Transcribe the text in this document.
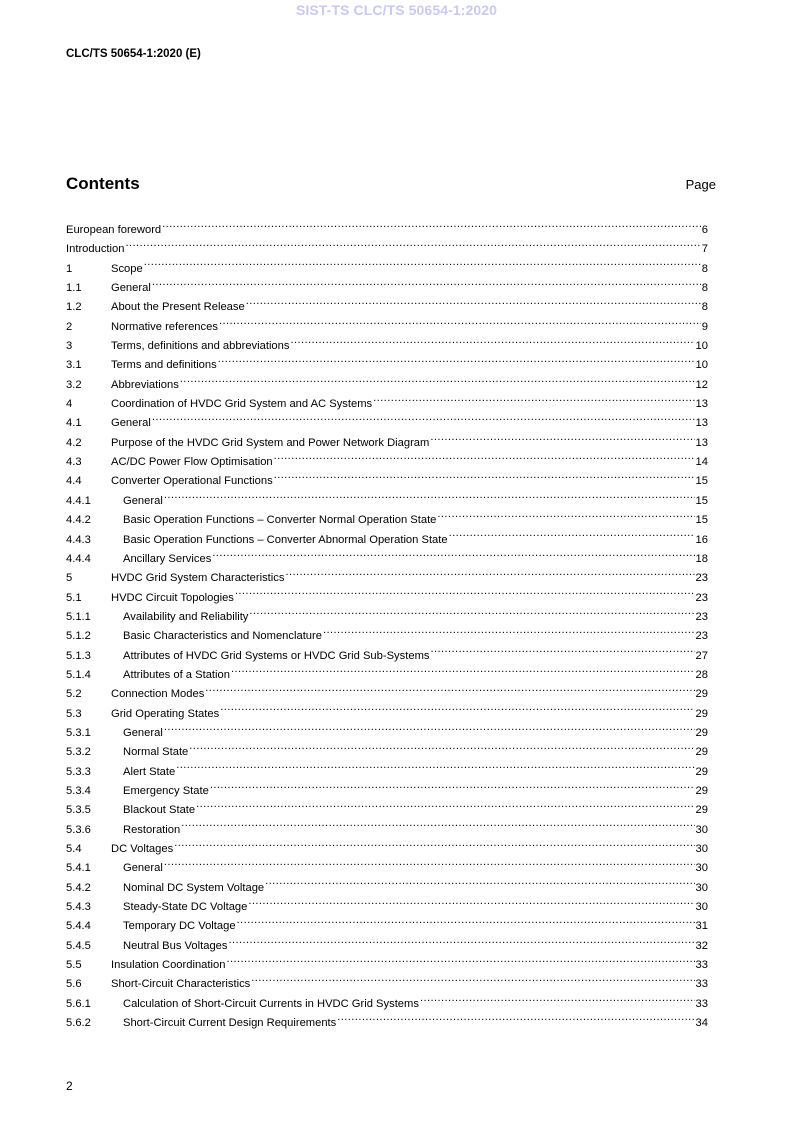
SIST-TS CLC/TS 50654-1:2020
CLC/TS 50654-1:2020 (E)
Contents	Page
European foreword .....	6
Introduction .....	7
1	Scope .....	8
1.1	General .....	8
1.2	About the Present Release .....	8
2	Normative references .....	9
3	Terms, definitions and abbreviations .....	10
3.1	Terms and definitions .....	10
3.2	Abbreviations .....	12
4	Coordination of HVDC Grid System and AC Systems .....	13
4.1	General .....	13
4.2	Purpose of the HVDC Grid System and Power Network Diagram .....	13
4.3	AC/DC Power Flow Optimisation .....	14
4.4	Converter Operational Functions .....	15
4.4.1	General .....	15
4.4.2	Basic Operation Functions – Converter Normal Operation State .....	15
4.4.3	Basic Operation Functions – Converter Abnormal Operation State .....	16
4.4.4	Ancillary Services .....	18
5	HVDC Grid System Characteristics .....	23
5.1	HVDC Circuit Topologies .....	23
5.1.1	Availability and Reliability .....	23
5.1.2	Basic Characteristics and Nomenclature .....	23
5.1.3	Attributes of HVDC Grid Systems or HVDC Grid Sub-Systems .....	27
5.1.4	Attributes of a Station .....	28
5.2	Connection Modes .....	29
5.3	Grid Operating States .....	29
5.3.1	General .....	29
5.3.2	Normal State .....	29
5.3.3	Alert State .....	29
5.3.4	Emergency State .....	29
5.3.5	Blackout State .....	29
5.3.6	Restoration .....	30
5.4	DC Voltages .....	30
5.4.1	General .....	30
5.4.2	Nominal DC System Voltage .....	30
5.4.3	Steady-State DC Voltage .....	30
5.4.4	Temporary DC Voltage .....	31
5.4.5	Neutral Bus Voltages .....	32
5.5	Insulation Coordination .....	33
5.6	Short-Circuit Characteristics .....	33
5.6.1	Calculation of Short-Circuit Currents in HVDC Grid Systems .....	33
5.6.2	Short-Circuit Current Design Requirements .....	34
2
